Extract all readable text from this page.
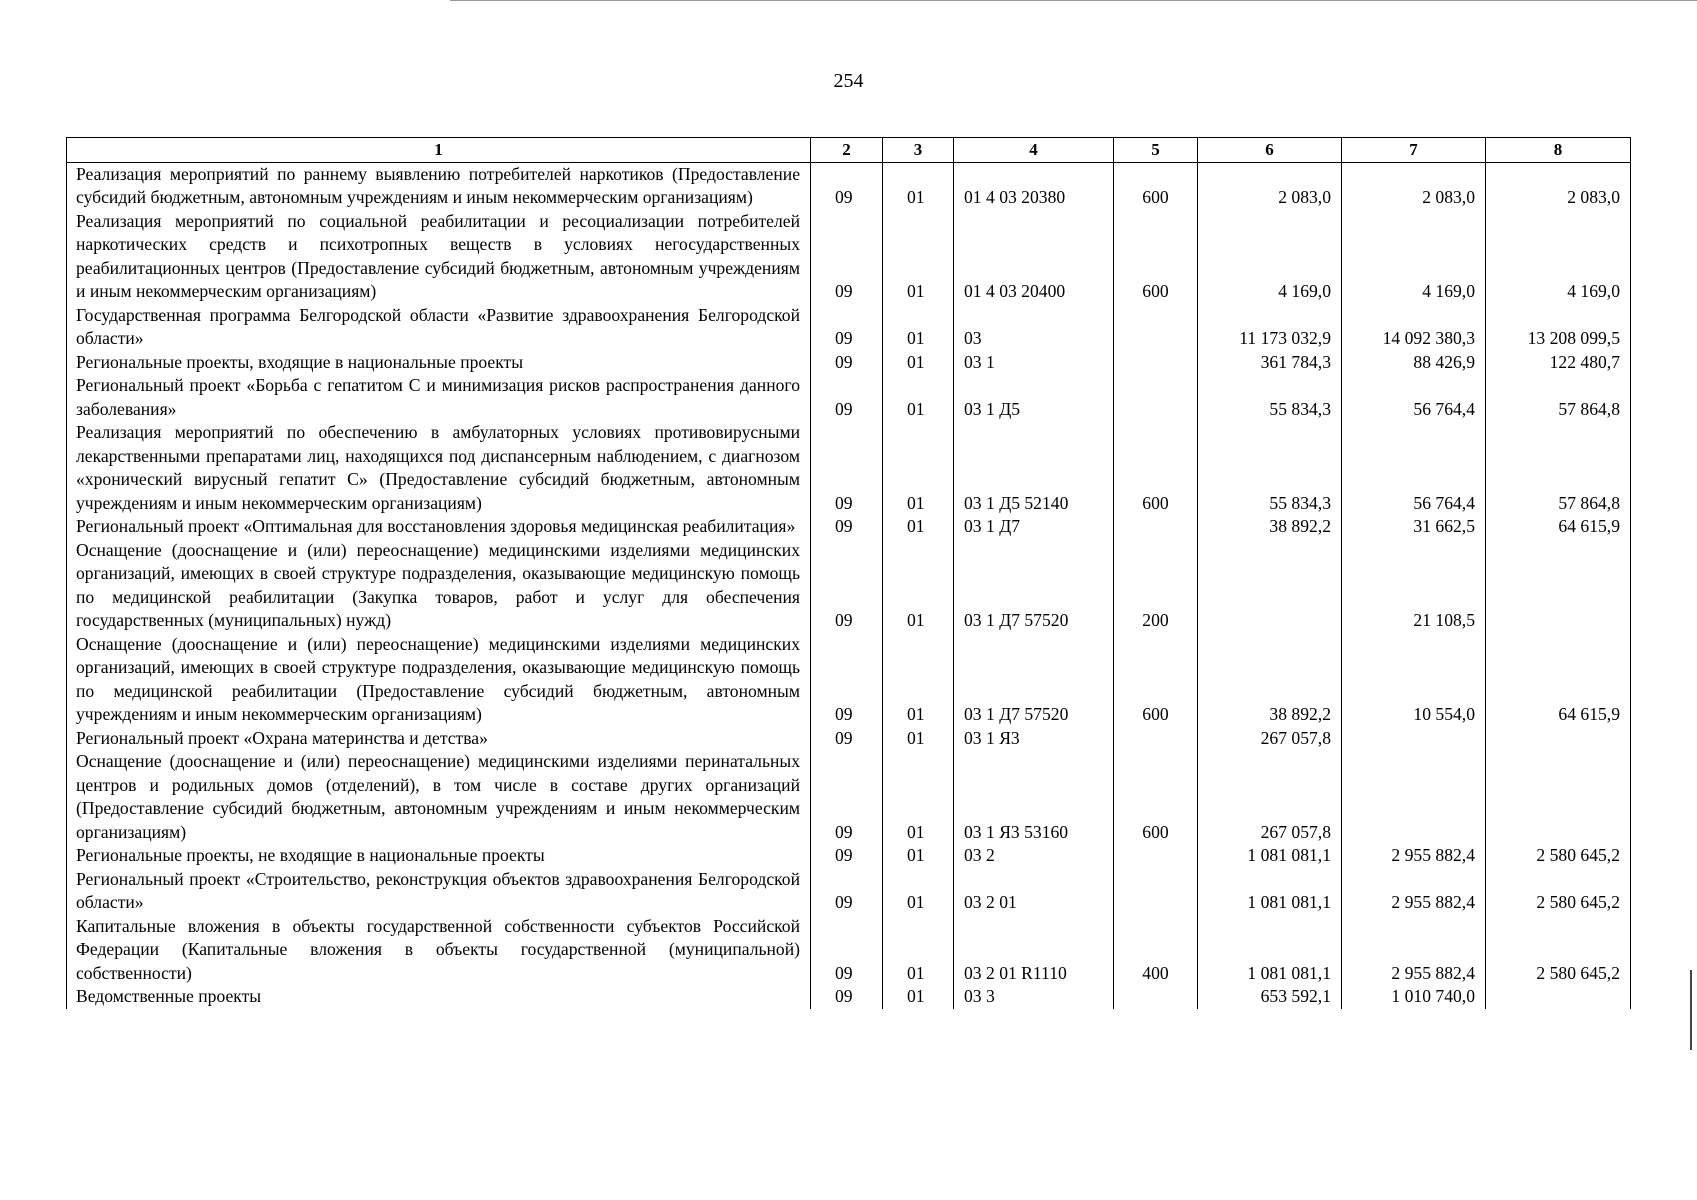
254
1	2	3	4	5	6	7	8
Реализация мероприятий по раннему выявлению потребителей наркотиков (Предоставление субсидий бюджетным, автономным учреждениям и иным некоммерческим организациям)	09	01	01 4 03 20380	600	2 083,0	2 083,0	2 083,0
Реализация мероприятий по социальной реабилитации и ресоциализации потребителей наркотических средств и психотропных веществ в условиях негосударственных реабилитационных центров (Предоставление субсидий бюджетным, автономным учреждениям и иным некоммерческим организациям)	09	01	01 4 03 20400	600	4 169,0	4 169,0	4 169,0
Государственная программа Белгородской области «Развитие здравоохранения Белгородской области»	09	01	03		11 173 032,9	14 092 380,3	13 208 099,5
Региональные проекты, входящие в национальные проекты	09	01	03 1		361 784,3	88 426,9	122 480,7
Региональный проект «Борьба с гепатитом С и минимизация рисков распространения данного заболевания»	09	01	03 1 Д5		55 834,3	56 764,4	57 864,8
Реализация мероприятий по обеспечению в амбулаторных условиях противовирусными лекарственными препаратами лиц, находящихся под диспансерным наблюдением, с диагнозом «хронический вирусный гепатит С» (Предоставление субсидий бюджетным, автономным учреждениям и иным некоммерческим организациям)	09	01	03 1 Д5 52140	600	55 834,3	56 764,4	57 864,8
Региональный проект «Оптимальная для восстановления здоровья медицинская реабилитация»	09	01	03 1 Д7		38 892,2	31 662,5	64 615,9
Оснащение (дооснащение и (или) переоснащение) медицинскими изделиями медицинских организаций, имеющих в своей структуре подразделения, оказывающие медицинскую помощь по медицинской реабилитации (Закупка товаров, работ и услуг для обеспечения государственных (муниципальных) нужд)	09	01	03 1 Д7 57520	200		21 108,5	
Оснащение (дооснащение и (или) переоснащение) медицинскими изделиями медицинских организаций, имеющих в своей структуре подразделения, оказывающие медицинскую помощь по медицинской реабилитации (Предоставление субсидий бюджетным, автономным учреждениям и иным некоммерческим организациям)	09	01	03 1 Д7 57520	600	38 892,2	10 554,0	64 615,9
Региональный проект «Охрана материнства и детства»	09	01	03 1 Я3		267 057,8		
Оснащение (дооснащение и (или) переоснащение) медицинскими изделиями перинатальных центров и родильных домов (отделений), в том числе в составе других организаций (Предоставление субсидий бюджетным, автономным учреждениям и иным некоммерческим организациям)	09	01	03 1 Я3 53160	600	267 057,8		
Региональные проекты, не входящие в национальные проекты	09	01	03 2		1 081 081,1	2 955 882,4	2 580 645,2
Региональный проект «Строительство, реконструкция объектов здравоохранения Белгородской области»	09	01	03 2 01		1 081 081,1	2 955 882,4	2 580 645,2
Капитальные вложения в объекты государственной собственности субъектов Российской Федерации (Капитальные вложения в объекты государственной (муниципальной) собственности)	09	01	03 2 01 R1110	400	1 081 081,1	2 955 882,4	2 580 645,2
Ведомственные проекты	09	01	03 3		653 592,1	1 010 740,0	
